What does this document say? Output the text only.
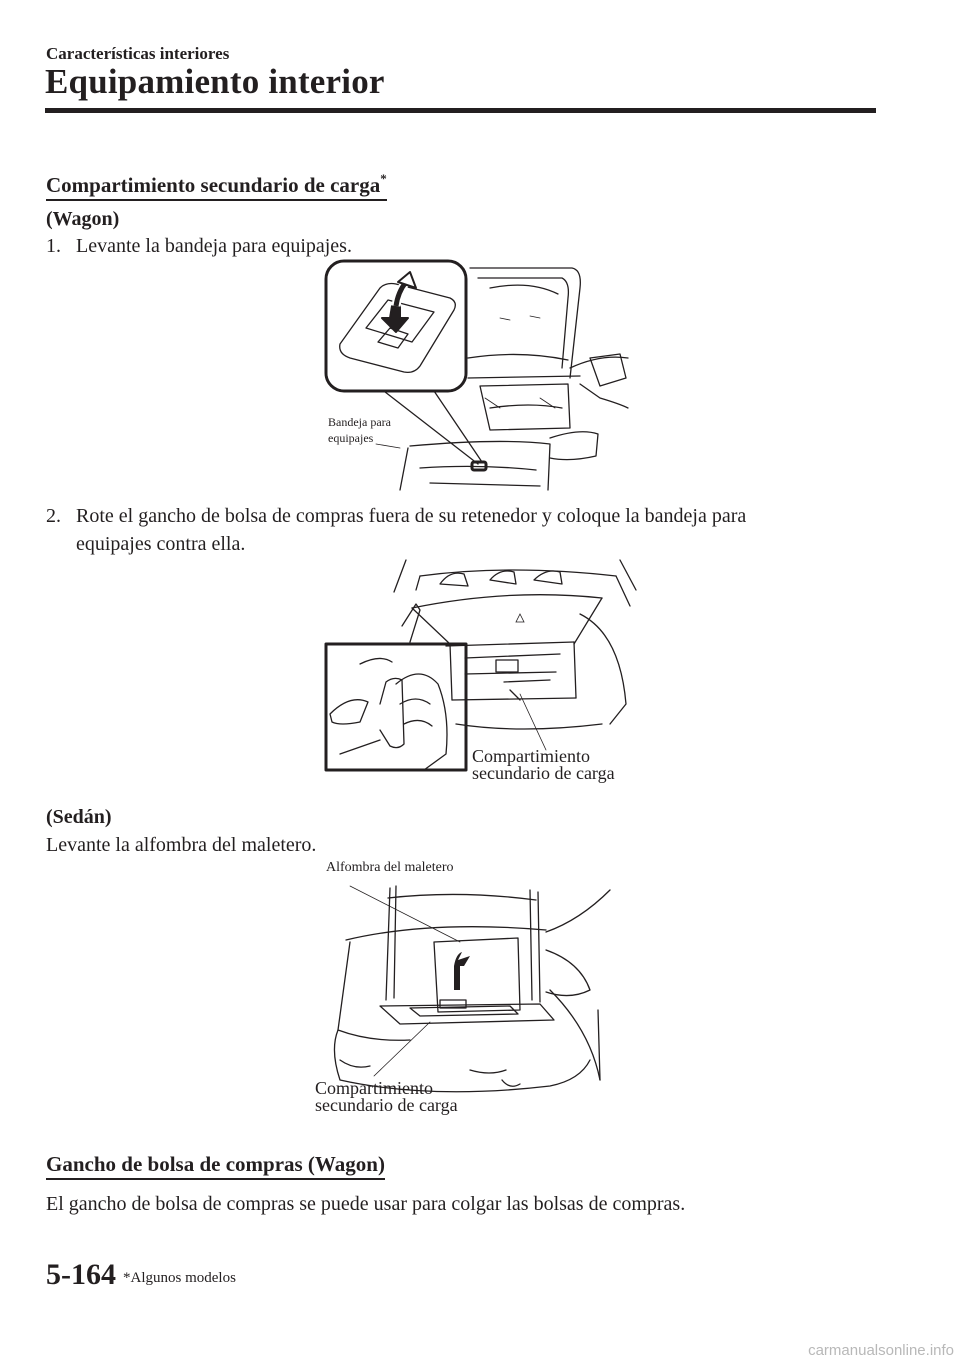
Características interiores
Equipamiento interior
Compartimiento secundario de carga*
(Wagon)
1. Levante la bandeja para equipajes.
Bandeja para
equipajes
2. Rote el gancho de bolsa de compras fuera de su retenedor y coloque la bandeja para
equipajes contra ella.
Compartimiento
secundario de carga
(Sedán)
Levante la alfombra del maletero.
Alfombra del maletero
Compartimiento
secundario de carga
Gancho de bolsa de compras (Wagon)
El gancho de bolsa de compras se puede usar para colgar las bolsas de compras.
5-164 *Algunos modelos
carmanualsonline.info
